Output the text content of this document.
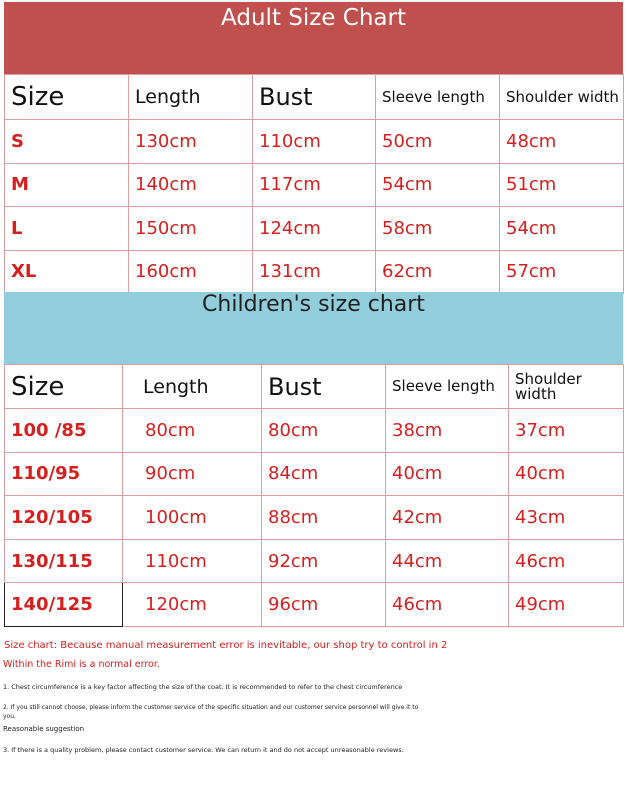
Adult Size Chart
Size	Length	Bust	Sleeve length	Shoulder width
S	130cm	110cm	50cm	48cm
M	140cm	117cm	54cm	51cm
L	150cm	124cm	58cm	54cm
XL	160cm	131cm	62cm	57cm
Children's size chart
Size	Length	Bust	Sleeve length	Shoulder width
100 /85	80cm	80cm	38cm	37cm
110/95	90cm	84cm	40cm	40cm
120/105	100cm	88cm	42cm	43cm
130/115	110cm	92cm	44cm	46cm
140/125	120cm	96cm	46cm	49cm
Size chart: Because manual measurement error is inevitable, our shop try to control in 2
Within the Rimi is a normal error.
1. Chest circumference is a key factor affecting the size of the coat. It is recommended to refer to the chest circumference
2. If you still cannot choose, please inform the customer service of the specific situation and our customer service personnel will give it to you.
Reasonable suggestion
3. If there is a quality problem, please contact customer service. We can return it and do not accept unreasonable reviews.
